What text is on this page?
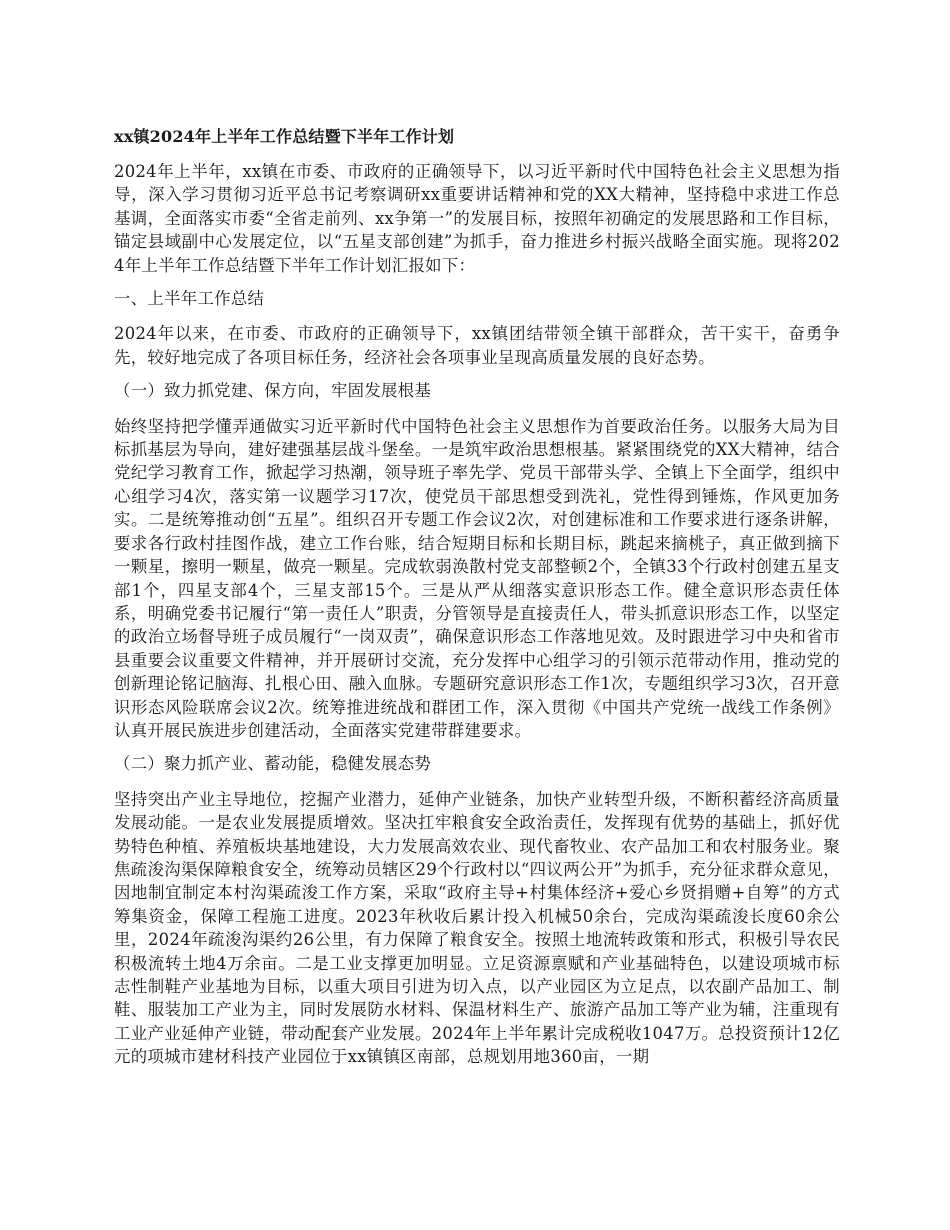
xx镇2024年上半年工作总结暨下半年工作计划

2024年上半年，xx镇在市委、市政府的正确领导下，以习近平新时代中国特色社会主义思想为指导，深入学习贯彻习近平总书记考察调研xx重要讲话精神和党的XX大精神，坚持稳中求进工作总基调，全面落实市委“全省走前列、xx争第一”的发展目标，按照年初确定的发展思路和工作目标，锚定县域副中心发展定位，以“五星支部创建”为抓手，奋力推进乡村振兴战略全面实施。现将2024年上半年工作总结暨下半年工作计划汇报如下：

一、上半年工作总结

2024年以来，在市委、市政府的正确领导下，xx镇团结带领全镇干部群众，苦干实干，奋勇争先，较好地完成了各项目标任务，经济社会各项事业呈现高质量发展的良好态势。

（一）致力抓党建、保方向，牢固发展根基

始终坚持把学懂弄通做实习近平新时代中国特色社会主义思想作为首要政治任务。以服务大局为目标抓基层为导向，建好建强基层战斗堡垒。一是筑牢政治思想根基。紧紧围绕党的XX大精神，结合党纪学习教育工作，掀起学习热潮，领导班子率先学、党员干部带头学、全镇上下全面学，组织中心组学习4次，落实第一议题学习17次，使党员干部思想受到洗礼，党性得到锤炼，作风更加务实。二是统筹推动创“五星”。组织召开专题工作会议2次，对创建标准和工作要求进行逐条讲解，要求各行政村挂图作战，建立工作台账，结合短期目标和长期目标，跳起来摘桃子，真正做到摘下一颗星，擦明一颗星，做亮一颗星。完成软弱涣散村党支部整顿2个，全镇33个行政村创建五星支部1个，四星支部4个，三星支部15个。三是从严从细落实意识形态工作。健全意识形态责任体系，明确党委书记履行“第一责任人”职责，分管领导是直接责任人，带头抓意识形态工作，以坚定的政治立场督导班子成员履行“一岗双责”，确保意识形态工作落地见效。及时跟进学习中央和省市县重要会议重要文件精神，并开展研讨交流，充分发挥中心组学习的引领示范带动作用，推动党的创新理论铭记脑海、扎根心田、融入血脉。专题研究意识形态工作1次，专题组织学习3次，召开意识形态风险联席会议2次。统筹推进统战和群团工作，深入贯彻《中国共产党统一战线工作条例》认真开展民族进步创建活动，全面落实党建带群建要求。

（二）聚力抓产业、蓄动能，稳健发展态势

坚持突出产业主导地位，挖掘产业潜力，延伸产业链条，加快产业转型升级，不断积蓄经济高质量发展动能。一是农业发展提质增效。坚决扛牢粮食安全政治责任，发挥现有优势的基础上，抓好优势特色种植、养殖板块基地建设，大力发展高效农业、现代畜牧业、农产品加工和农村服务业。聚焦疏浚沟渠保障粮食安全，统筹动员辖区29个行政村以“四议两公开”为抓手，充分征求群众意见，因地制宜制定本村沟渠疏浚工作方案，采取“政府主导+村集体经济+爱心乡贤捐赠+自筹”的方式筹集资金，保障工程施工进度。2023年秋收后累计投入机械50余台，完成沟渠疏浚长度60余公里，2024年疏浚沟渠约26公里，有力保障了粮食安全。按照土地流转政策和形式，积极引导农民积极流转土地4万余亩。二是工业支撑更加明显。立足资源禀赋和产业基础特色，以建设项城市标志性制鞋产业基地为目标，以重大项目引进为切入点，以产业园区为立足点，以农副产品加工、制鞋、服装加工产业为主，同时发展防水材料、保温材料生产、旅游产品加工等产业为辅，注重现有工业产业延伸产业链，带动配套产业发展。2024年上半年累计完成税收1047万。总投资预计12亿元的项城市建材科技产业园位于xx镇镇区南部，总规划用地360亩，一期
